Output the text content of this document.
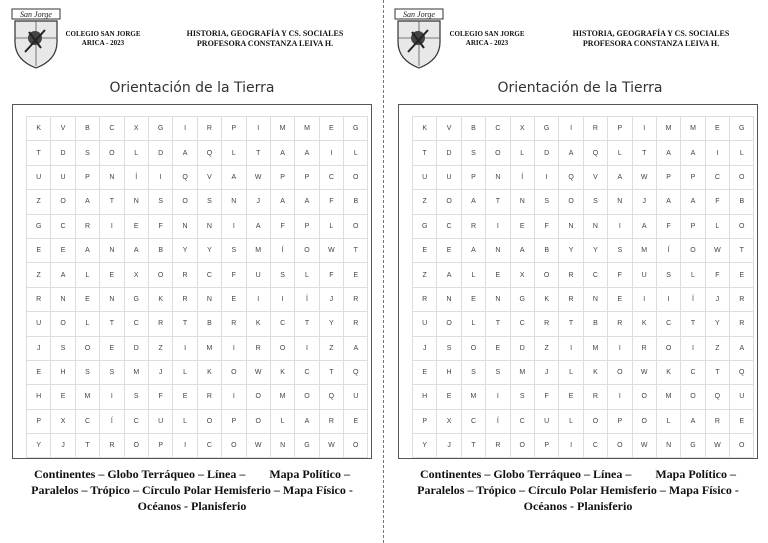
San Jorge
COLEGIO SAN JORGE
ARICA - 2023
HISTORIA, GEOGRAFÍA Y CS. SOCIALES
PROFESORA CONSTANZA LEIVA H.
Orientación de la Tierra
K	V	B	C	X	G	I	R	P	I	M	M	E	G
T	D	S	O	L	D	A	Q	L	T	A	A	I	L
U	U	P	N	Í	I	Q	V	A	W	P	P	C	O
Z	O	A	T	N	S	O	S	N	J	A	A	F	B
G	C	R	I	E	F	N	N	I	A	F	P	L	O
E	E	A	N	A	B	Y	Y	S	M	Í	O	W	T
Z	A	L	E	X	O	R	C	F	U	S	L	F	E
R	N	E	N	G	K	R	N	E	I	I	Í	J	R
U	O	L	T	C	R	T	B	R	K	C	T	Y	R
J	S	O	E	D	Z	I	M	I	R	O	I	Z	A
E	H	S	S	M	J	L	K	O	W	K	C	T	Q
H	E	M	I	S	F	E	R	I	O	M	O	Q	U
P	X	C	Í	C	U	L	O	P	O	L	A	R	E
Y	J	T	R	O	P	I	C	O	W	N	G	W	O
Continentes – Globo Terráqueo – Línea –        Mapa Político –
Paralelos – Trópico – Círculo Polar Hemisferio – Mapa Físico -
Océanos - Planisferio
San Jorge
COLEGIO SAN JORGE
ARICA - 2023
HISTORIA, GEOGRAFÍA Y CS. SOCIALES
PROFESORA CONSTANZA LEIVA H.
Orientación de la Tierra
K	V	B	C	X	G	I	R	P	I	M	M	E	G
T	D	S	O	L	D	A	Q	L	T	A	A	I	L
U	U	P	N	Í	I	Q	V	A	W	P	P	C	O
Z	O	A	T	N	S	O	S	N	J	A	A	F	B
G	C	R	I	E	F	N	N	I	A	F	P	L	O
E	E	A	N	A	B	Y	Y	S	M	Í	O	W	T
Z	A	L	E	X	O	R	C	F	U	S	L	F	E
R	N	E	N	G	K	R	N	E	I	I	Í	J	R
U	O	L	T	C	R	T	B	R	K	C	T	Y	R
J	S	O	E	D	Z	I	M	I	R	O	I	Z	A
E	H	S	S	M	J	L	K	O	W	K	C	T	Q
H	E	M	I	S	F	E	R	I	O	M	O	Q	U
P	X	C	Í	C	U	L	O	P	O	L	A	R	E
Y	J	T	R	O	P	I	C	O	W	N	G	W	O
Continentes – Globo Terráqueo – Línea –        Mapa Político –
Paralelos – Trópico – Círculo Polar Hemisferio – Mapa Físico -
Océanos - Planisferio
